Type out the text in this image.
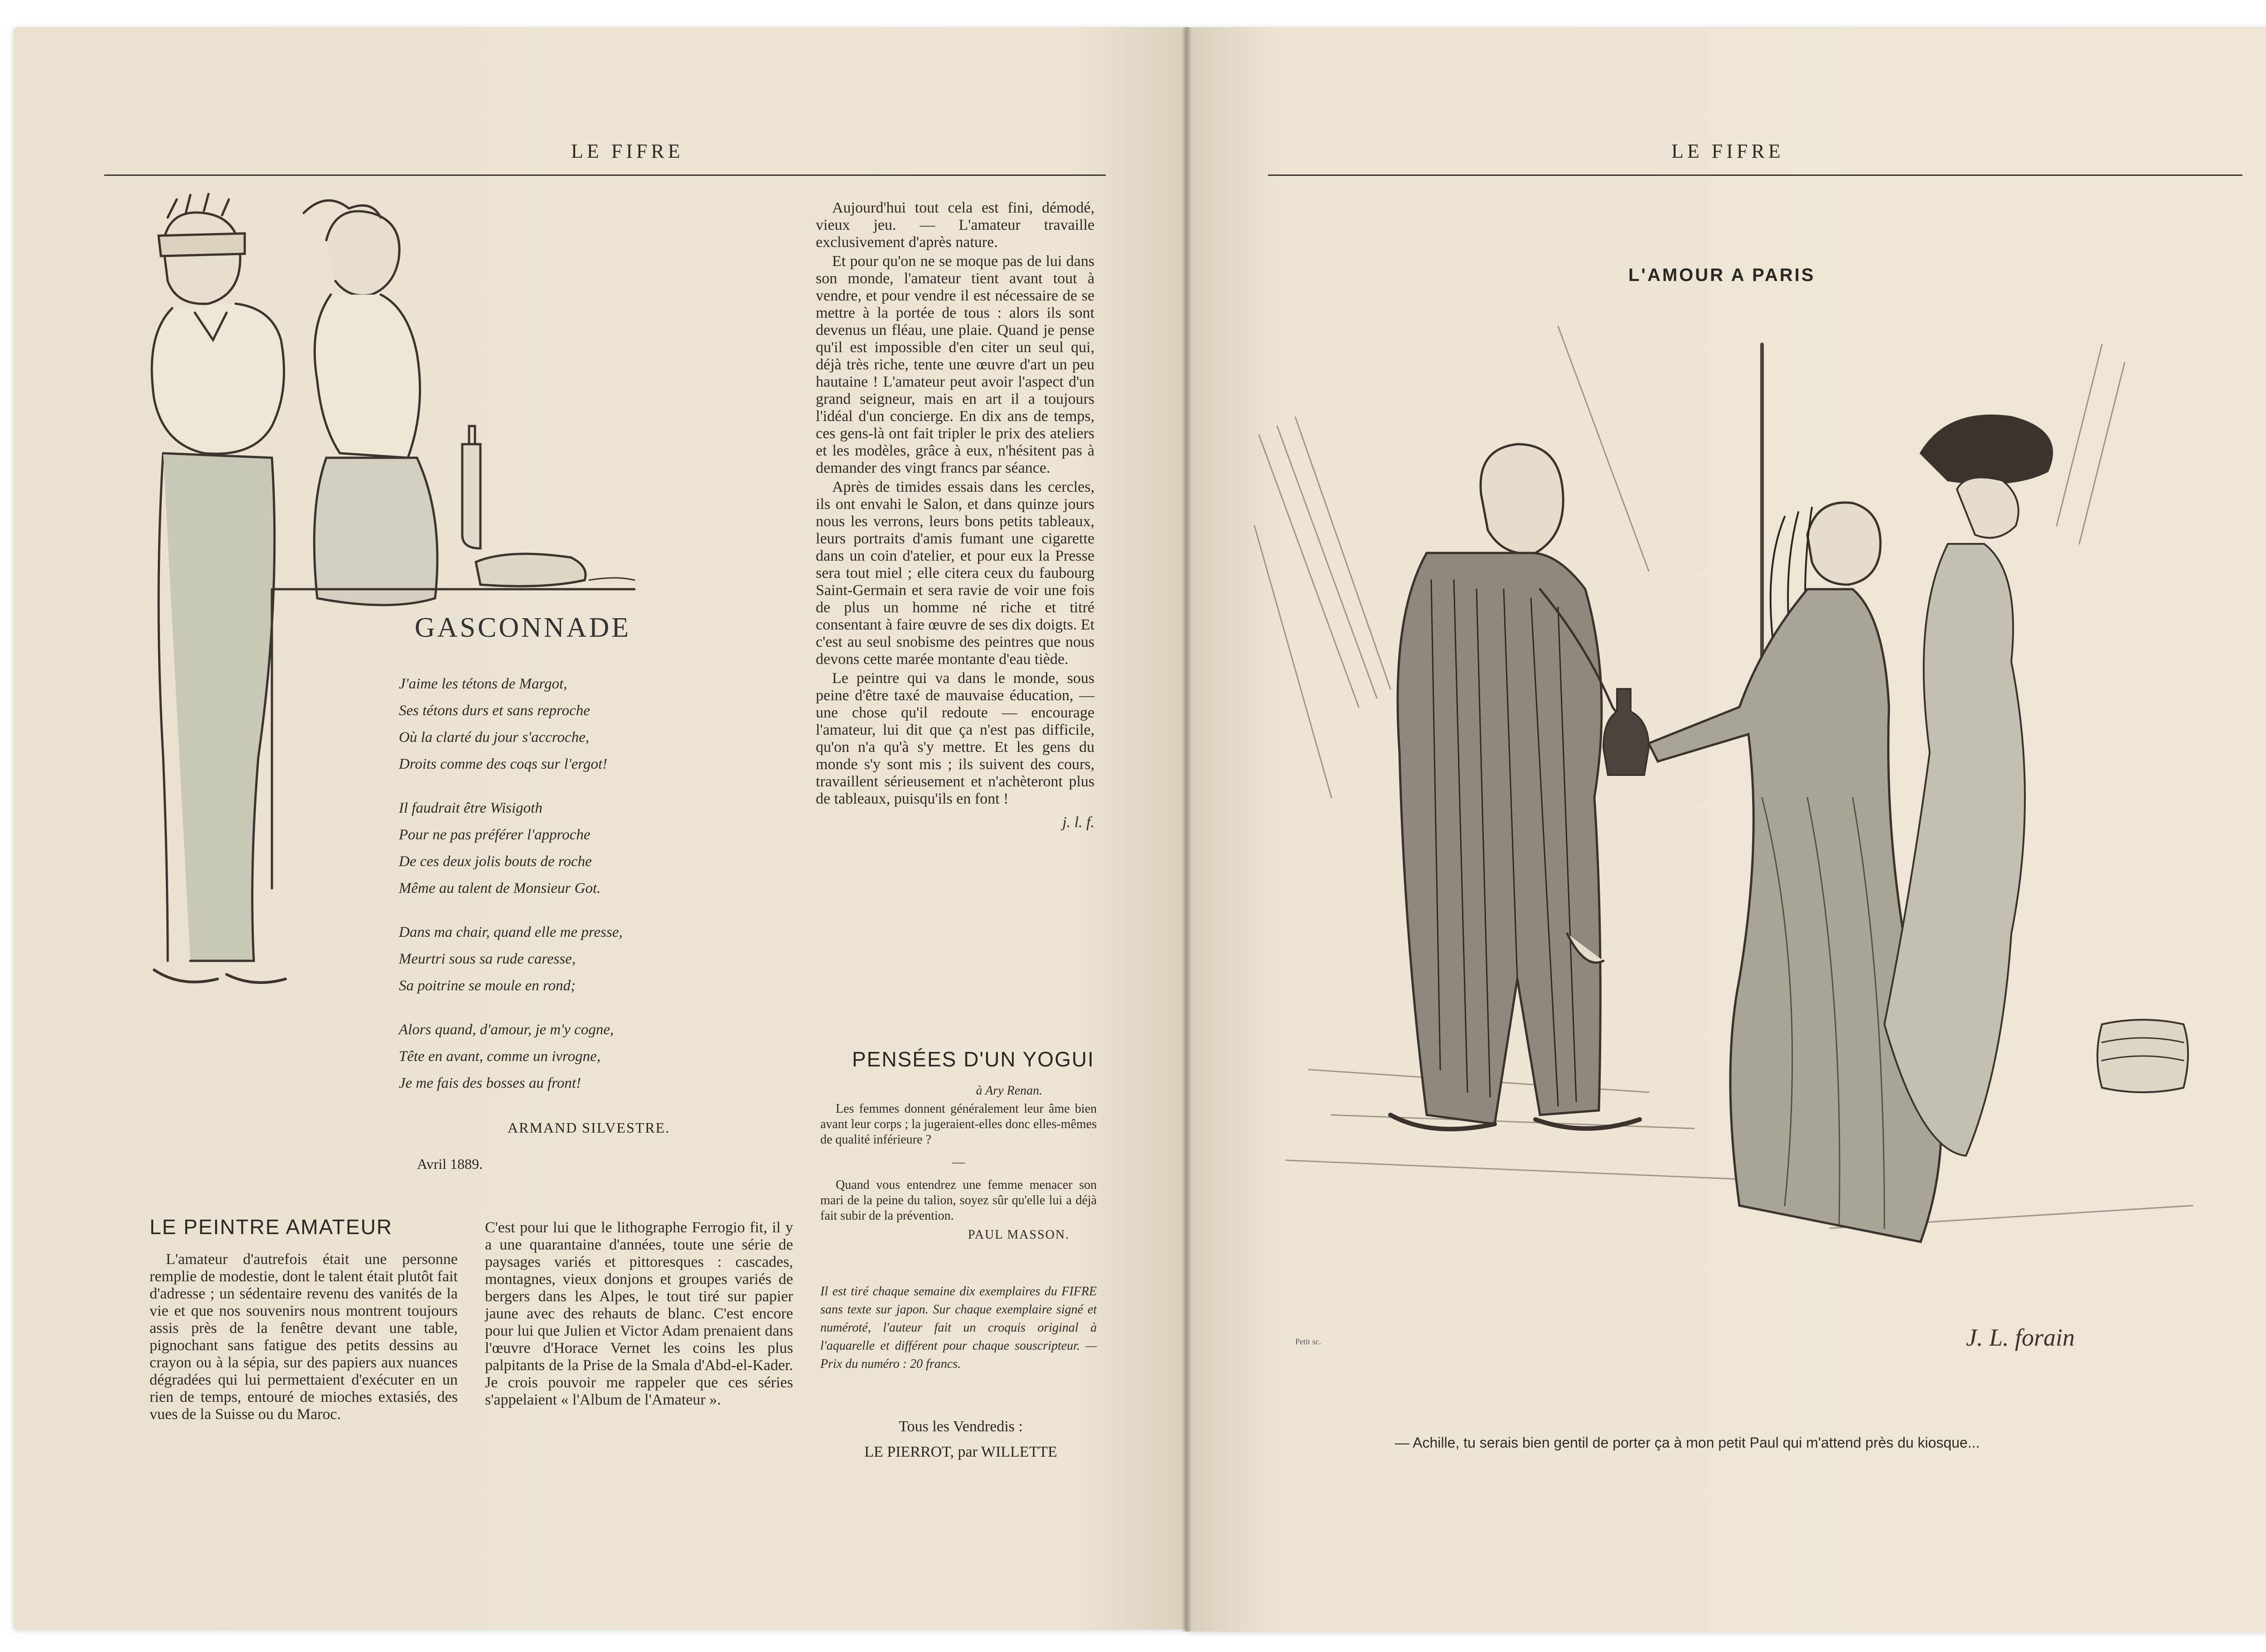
LE FIFRE
GASCONNADE
J'aime les tétons de Margot,
Ses tétons durs et sans reproche
Où la clarté du jour s'accroche,
Droits comme des coqs sur l'ergot!
Il faudrait être Wisigoth
Pour ne pas préférer l'approche
De ces deux jolis bouts de roche
Même au talent de Monsieur Got.
Dans ma chair, quand elle me presse,
Meurtri sous sa rude caresse,
Sa poitrine se moule en rond;
Alors quand, d'amour, je m'y cogne,
Tête en avant, comme un ivrogne,
Je me fais des bosses au front!
ARMAND SILVESTRE.
Avril 1889.

Aujourd'hui tout cela est fini, démodé, vieux jeu. — L'amateur travaille exclusivement d'après nature.

Et pour qu'on ne se moque pas de lui dans son monde, l'amateur tient avant tout à vendre, et pour vendre il est nécessaire de se mettre à la portée de tous : alors ils sont devenus un fléau, une plaie. Quand je pense qu'il est impossible d'en citer un seul qui, déjà très riche, tente une œuvre d'art un peu hautaine ! L'amateur peut avoir l'aspect d'un grand seigneur, mais en art il a toujours l'idéal d'un concierge. En dix ans de temps, ces gens-là ont fait tripler le prix des ateliers et les modèles, grâce à eux, n'hésitent pas à demander des vingt francs par séance.

Après de timides essais dans les cercles, ils ont envahi le Salon, et dans quinze jours nous les verrons, leurs bons petits tableaux, leurs portraits d'amis fumant une cigarette dans un coin d'atelier, et pour eux la Presse sera tout miel ; elle citera ceux du faubourg Saint-Germain et sera ravie de voir une fois de plus un homme né riche et titré consentant à faire œuvre de ses dix doigts. Et c'est au seul snobisme des peintres que nous devons cette marée montante d'eau tiède.

Le peintre qui va dans le monde, sous peine d'être taxé de mauvaise éducation, — une chose qu'il redoute — encourage l'amateur, lui dit que ça n'est pas difficile, qu'on n'a qu'à s'y mettre. Et les gens du monde s'y sont mis ; ils suivent des cours, travaillent sérieusement et n'achèteront plus de tableaux, puisqu'ils en font !

j. l. f.
PENSÉES D'UN YOGUI
à Ary Renan.

Les femmes donnent généralement leur âme bien avant leur corps ; la jugeraient-elles donc elles-mêmes de qualité inférieure ?

—

Quand vous entendrez une femme menacer son mari de la peine du talion, soyez sûr qu'elle lui a déjà fait subir de la prévention.

PAUL MASSON.
Il est tiré chaque semaine dix exemplaires du FIFRE sans texte sur japon. Sur chaque exemplaire signé et numéroté, l'auteur fait un croquis original à l'aquarelle et différent pour chaque souscripteur. — Prix du numéro : 20 francs.
Tous les Vendredis :
LE PIERROT, par WILLETTE
LE PEINTRE AMATEUR

L'amateur d'autrefois était une personne remplie de modestie, dont le talent était plutôt fait d'adresse ; un sédentaire revenu des vanités de la vie et que nos souvenirs nous montrent toujours assis près de la fenêtre devant une table, pignochant sans fatigue des petits dessins au crayon ou à la sépia, sur des papiers aux nuances dégradées qui lui permettaient d'exécuter en un rien de temps, entouré de mioches extasiés, des vues de la Suisse ou du Maroc.

C'est pour lui que le lithographe Ferrogio fit, il y a une quarantaine d'années, toute une série de paysages variés et pittoresques : cascades, montagnes, vieux donjons et groupes variés de bergers dans les Alpes, le tout tiré sur papier jaune avec des rehauts de blanc. C'est encore pour lui que Julien et Victor Adam prenaient dans l'œuvre d'Horace Vernet les coins les plus palpitants de la Prise de la Smala d'Abd-el-Kader. Je crois pouvoir me rappeler que ces séries s'appelaient « l'Album de l'Amateur ».

LE FIFRE
L'AMOUR A PARIS
Petit sc.	J. L. forain
— Achille, tu serais bien gentil de porter ça à mon petit Paul qui m'attend près du kiosque...
